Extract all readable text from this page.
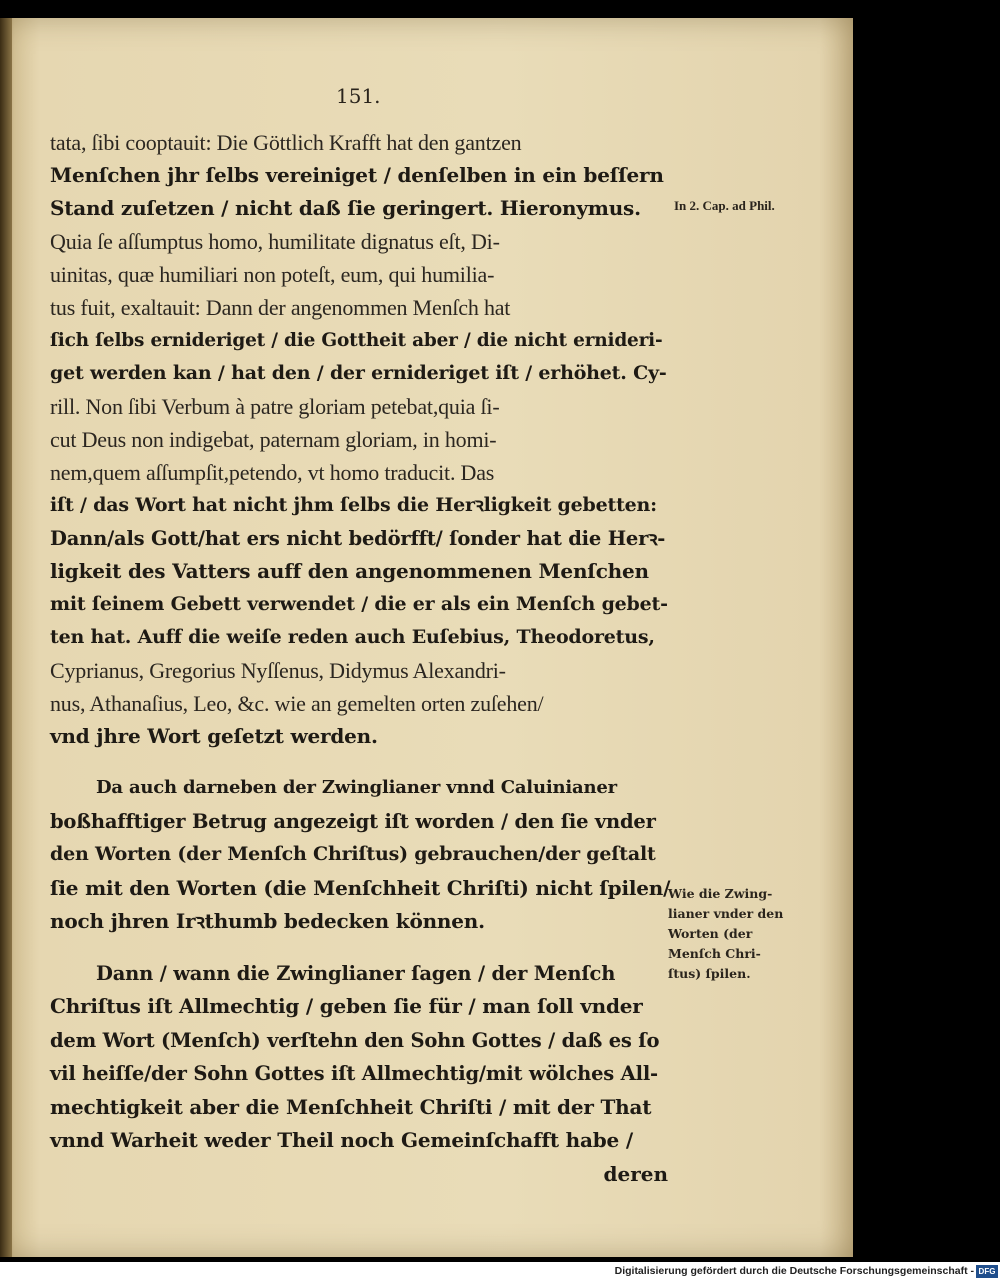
151.
tata, ſibi cooptauit: Die Göttlich Krafft hat den gantzen
Menſchen jhr ſelbs vereiniget / denſelben in ein beſſern
Stand zuſetzen / nicht daß ſie geringert. Hieronymus.
Quia ſe aſſumptus homo, humilitate dignatus eſt, Di-
uinitas, quæ humiliari non poteſt, eum, qui humilia-
tus fuit, exaltauit: Dann der angenommen Menſch hat
ſich ſelbs ernideriget / die Gottheit aber / die nicht ernideri-
get werden kan / hat den / der ernideriget iſt / erhöhet. Cy-
rill. Non ſibi Verbum à patre gloriam petebat,quia ſi-
cut Deus non indigebat, paternam gloriam, in homi-
nem,quem aſſumpſit,petendo, vt homo traducit. Das
iſt / das Wort hat nicht jhm ſelbs die Herꝛligkeit gebetten:
Dann/als Gott/hat ers nicht bedörfft/ ſonder hat die Herꝛ-
ligkeit des Vatters auff den angenommenen Menſchen
mit ſeinem Gebett verwendet / die er als ein Menſch gebet-
ten hat. Auff die weiſe reden auch Euſebius, Theodoretus,
Cyprianus, Gregorius Nyſſenus, Didymus Alexandri-
nus, Athanaſius, Leo, &c. wie an gemelten orten zuſehen/
vnd jhre Wort geſetzt werden.
Da auch darneben der Zwinglianer vnnd Caluinianer
boßhafftiger Betrug angezeigt iſt worden / den ſie vnder
den Worten (der Menſch Chriſtus) gebrauchen/der geſtalt
ſie mit den Worten (die Menſchheit Chriſti) nicht ſpilen/
noch jhren Irꝛthumb bedecken können.
Dann / wann die Zwinglianer ſagen / der Menſch
Chriſtus iſt Allmechtig / geben ſie für / man ſoll vnder
dem Wort (Menſch) verſtehn den Sohn Gottes / daß es ſo
vil heiſſe/der Sohn Gottes iſt Allmechtig/mit wölches All-
mechtigkeit aber die Menſchheit Chriſti / mit der That
vnnd Warheit weder Theil noch Gemeinſchafft habe /
deren
In 2. Cap. ad Phil.
Wie die Zwing-
lianer vnder den
Worten (der
Menſch Chri-
ſtus) ſpilen.
Digitalisierung gefördert durch die Deutsche Forschungsgemeinschaft - DFG
